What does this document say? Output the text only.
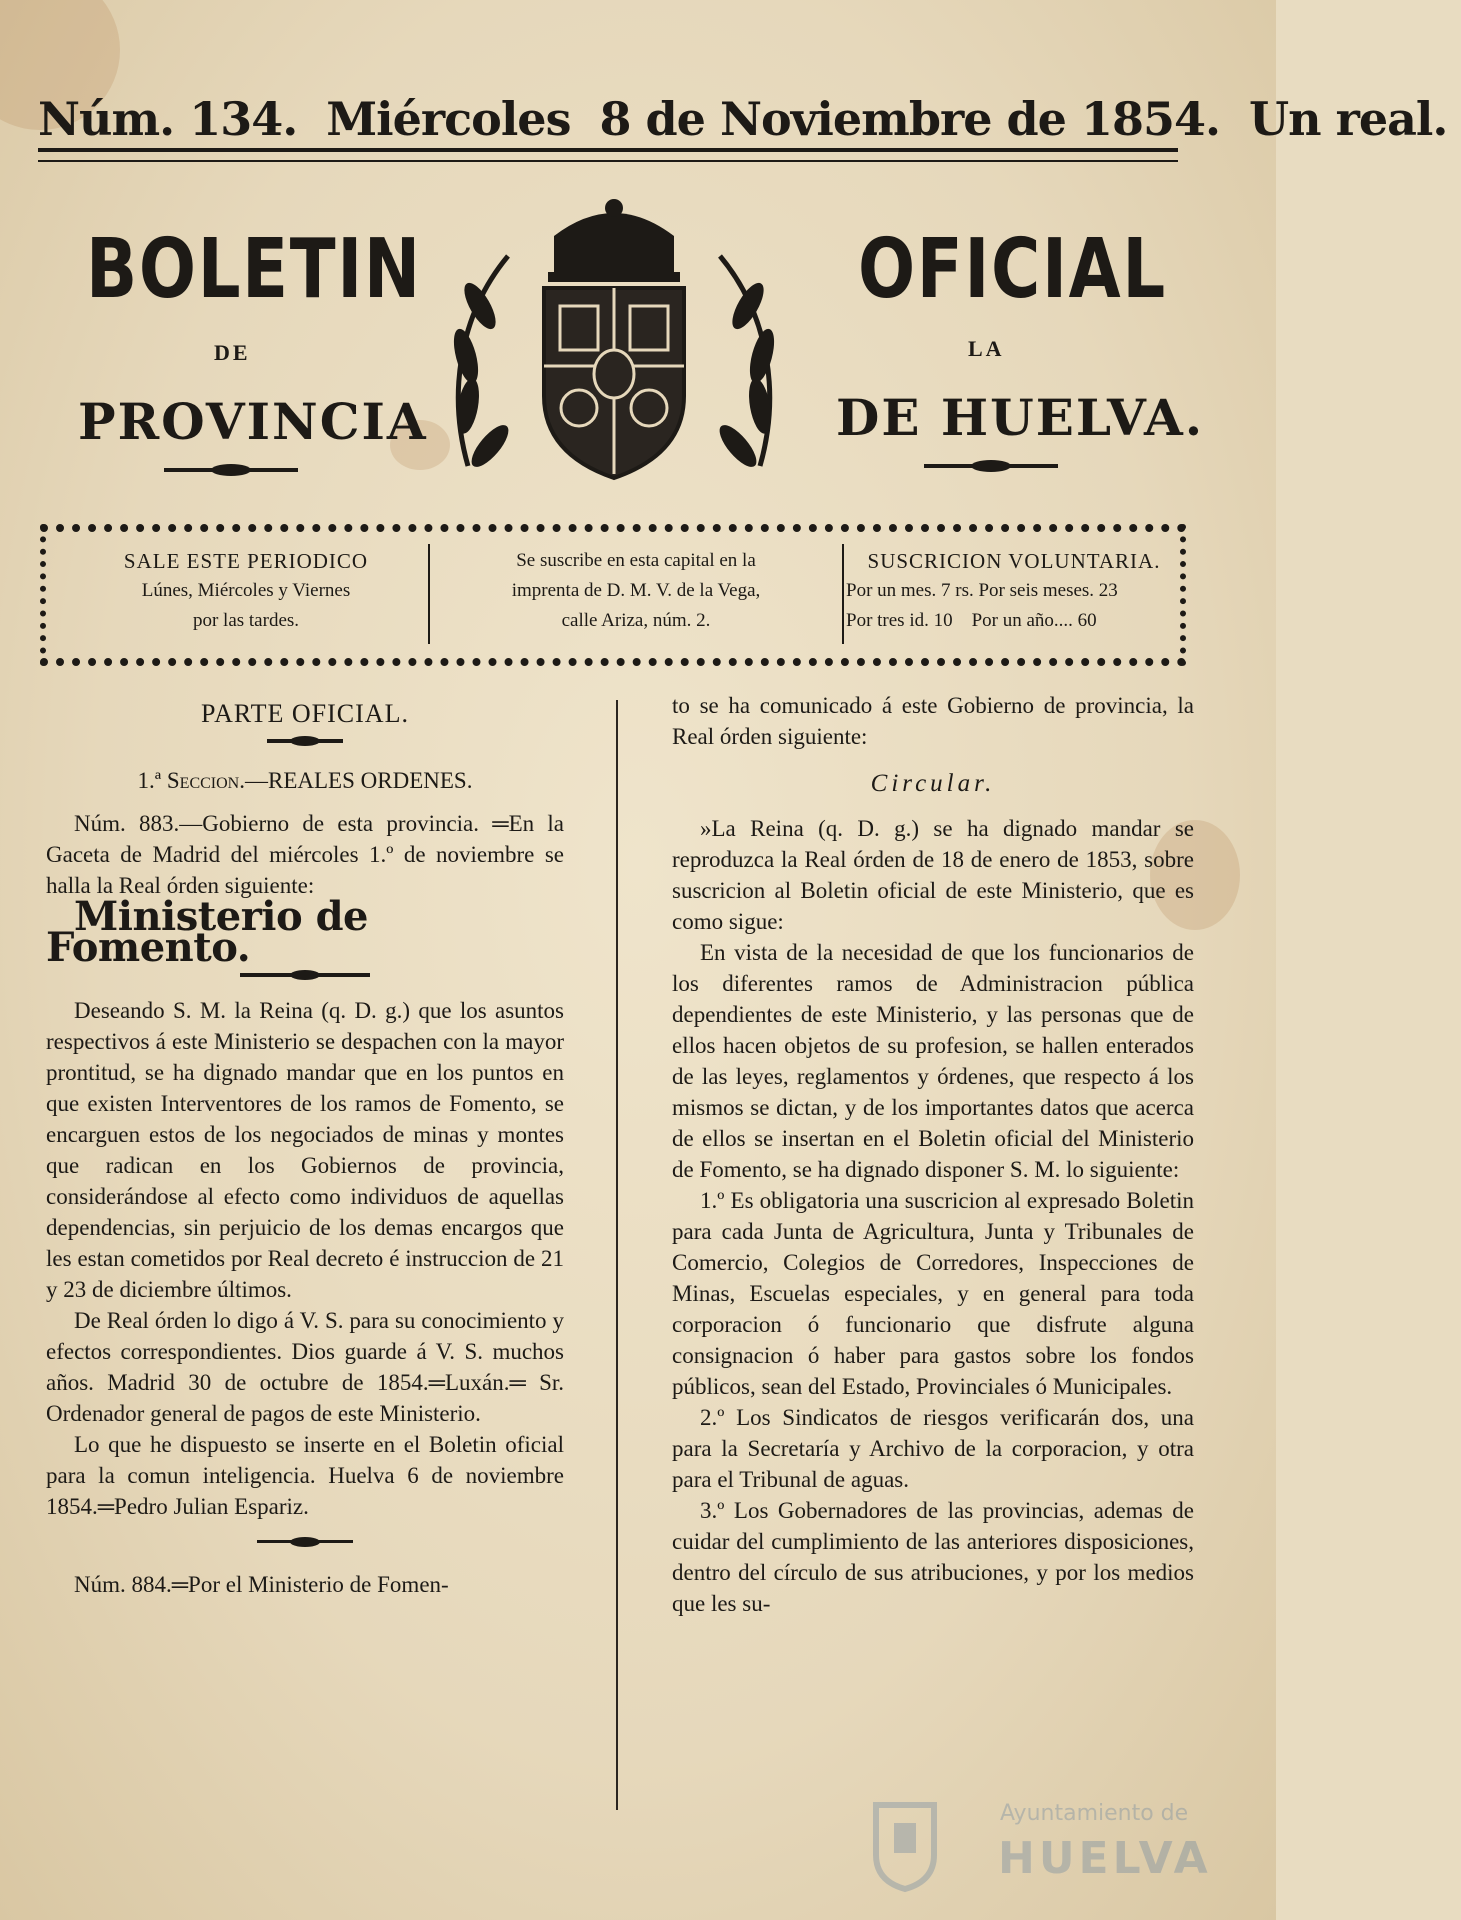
Núm. 134. Miércoles 8 de Noviembre de 1854. Un real.
BOLETIN	OFICIAL
DE	LA
PROVINCIA	DE HUELVA.
SALE ESTE PERIODICO
Lúnes, Miércoles y Viernes
por las tardes.
Se suscribe en esta capital en la
imprenta de D. M. V. de la Vega,
calle Ariza, núm. 2.
SUSCRICION VOLUNTARIA.
Por un mes. 7 rs. Por seis meses. 23
Por tres id. 10    Por un año.... 60

PARTE OFICIAL.

1.ª Seccion.—REALES ORDENES.

Núm. 883.—Gobierno de esta provincia. ═En la Gaceta de Madrid del miércoles 1.º de noviembre se halla la Real órden siguiente:

Ministerio de Fomento.

Deseando S. M. la Reina (q. D. g.) que los asuntos respectivos á este Ministerio se despachen con la mayor prontitud, se ha dignado mandar que en los puntos en que existen Interventores de los ramos de Fomento, se encarguen estos de los negociados de minas y montes que radican en los Gobiernos de provincia, considerándose al efecto como individuos de aquellas dependencias, sin perjuicio de los demas encargos que les estan cometidos por Real decreto é instruccion de 21 y 23 de diciembre últimos.

De Real órden lo digo á V. S. para su conocimiento y efectos correspondientes. Dios guarde á V. S. muchos años. Madrid 30 de octubre de 1854.═Luxán.═ Sr. Ordenador general de pagos de este Ministerio.

Lo que he dispuesto se inserte en el Boletin oficial para la comun inteligencia. Huelva 6 de noviembre 1854.═Pedro Julian Espariz.

Núm. 884.═Por el Ministerio de Fomen-

to se ha comunicado á este Gobierno de provincia, la Real órden siguiente:

Circular.

»La Reina (q. D. g.) se ha dignado mandar se reproduzca la Real órden de 18 de enero de 1853, sobre suscricion al Boletin oficial de este Ministerio, que es como sigue:

En vista de la necesidad de que los funcionarios de los diferentes ramos de Administracion pública dependientes de este Ministerio, y las personas que de ellos hacen objetos de su profesion, se hallen enterados de las leyes, reglamentos y órdenes, que respecto á los mismos se dictan, y de los importantes datos que acerca de ellos se insertan en el Boletin oficial del Ministerio de Fomento, se ha dignado disponer S. M. lo siguiente:

1.º Es obligatoria una suscricion al expresado Boletin para cada Junta de Agricultura, Junta y Tribunales de Comercio, Colegios de Corredores, Inspecciones de Minas, Escuelas especiales, y en general para toda corporacion ó funcionario que disfrute alguna consignacion ó haber para gastos sobre los fondos públicos, sean del Estado, Provinciales ó Municipales.

2.º Los Sindicatos de riesgos verificarán dos, una para la Secretaría y Archivo de la corporacion, y otra para el Tribunal de aguas.

3.º Los Gobernadores de las provincias, ademas de cuidar del cumplimiento de las anteriores disposiciones, dentro del círculo de sus atribuciones, y por los medios que les su-

Ayuntamiento de
HUELVA
